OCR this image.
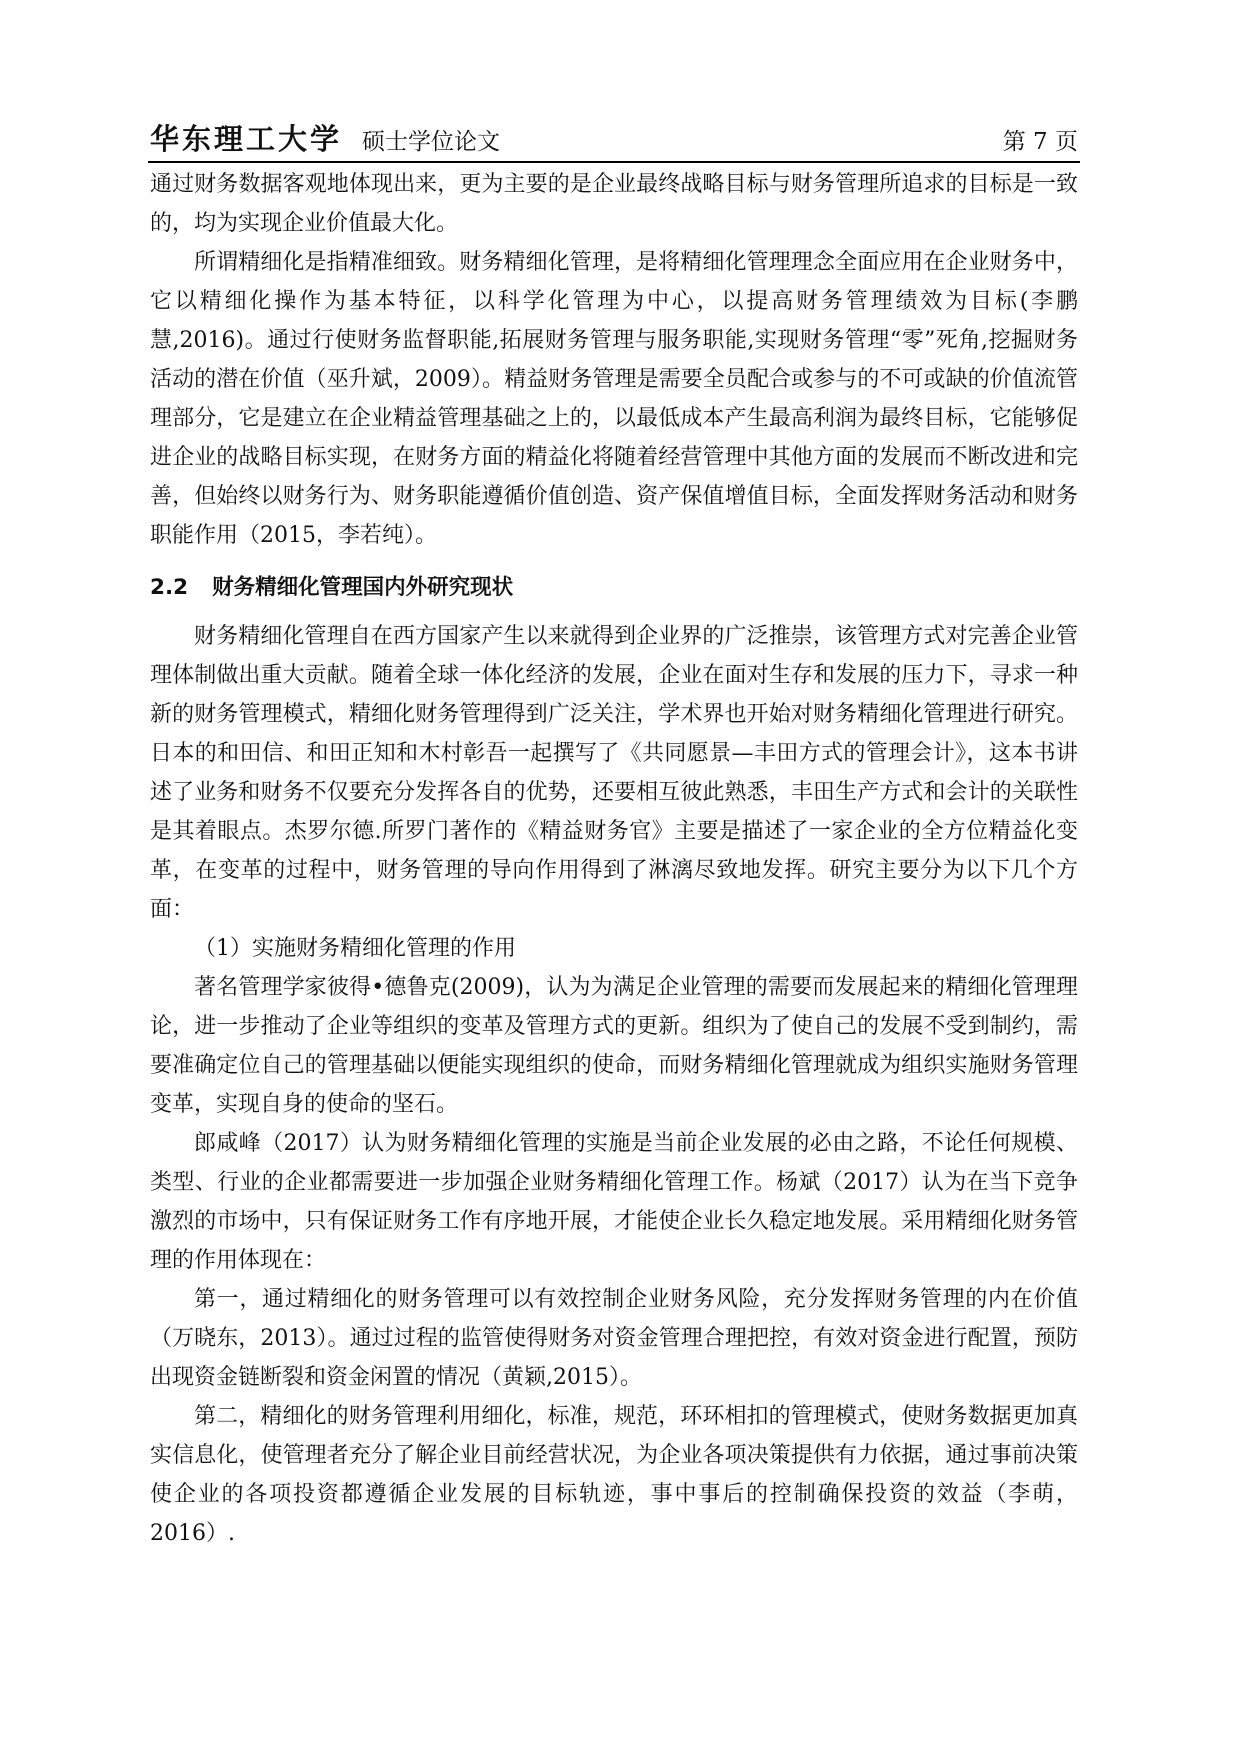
华东理工大学 硕士学位论文	第 7 页

通过财务数据客观地体现出来，更为主要的是企业最终战略目标与财务管理所追求的目标是一致的，均为实现企业价值最大化。

所谓精细化是指精准细致。财务精细化管理，是将精细化管理理念全面应用在企业财务中，它以精细化操作为基本特征，以科学化管理为中心，以提高财务管理绩效为目标(李鹏慧,2016)。通过行使财务监督职能,拓展财务管理与服务职能,实现财务管理“零”死角,挖掘财务活动的潜在价值（巫升斌，2009）。精益财务管理是需要全员配合或参与的不可或缺的价值流管理部分，它是建立在企业精益管理基础之上的，以最低成本产生最高利润为最终目标，它能够促进企业的战略目标实现，在财务方面的精益化将随着经营管理中其他方面的发展而不断改进和完善，但始终以财务行为、财务职能遵循价值创造、资产保值增值目标，全面发挥财务活动和财务职能作用（2015，李若纯）。

2.2 财务精细化管理国内外研究现状

财务精细化管理自在西方国家产生以来就得到企业界的广泛推崇，该管理方式对完善企业管理体制做出重大贡献。随着全球一体化经济的发展，企业在面对生存和发展的压力下，寻求一种新的财务管理模式，精细化财务管理得到广泛关注，学术界也开始对财务精细化管理进行研究。日本的和田信、和田正知和木村彰吾一起撰写了《共同愿景—丰田方式的管理会计》，这本书讲述了业务和财务不仅要充分发挥各自的优势，还要相互彼此熟悉，丰田生产方式和会计的关联性是其着眼点。杰罗尔德.所罗门著作的《精益财务官》主要是描述了一家企业的全方位精益化变革，在变革的过程中，财务管理的导向作用得到了淋漓尽致地发挥。研究主要分为以下几个方面：

（1）实施财务精细化管理的作用

著名管理学家彼得•德鲁克(2009)，认为为满足企业管理的需要而发展起来的精细化管理理论，进一步推动了企业等组织的变革及管理方式的更新。组织为了使自己的发展不受到制约，需要准确定位自己的管理基础以便能实现组织的使命，而财务精细化管理就成为组织实施财务管理变革，实现自身的使命的坚石。

郎咸峰（2017）认为财务精细化管理的实施是当前企业发展的必由之路，不论任何规模、类型、行业的企业都需要进一步加强企业财务精细化管理工作。杨斌（2017）认为在当下竞争激烈的市场中，只有保证财务工作有序地开展，才能使企业长久稳定地发展。采用精细化财务管理的作用体现在：

第一，通过精细化的财务管理可以有效控制企业财务风险，充分发挥财务管理的内在价值（万晓东，2013）。通过过程的监管使得财务对资金管理合理把控，有效对资金进行配置，预防出现资金链断裂和资金闲置的情况（黄颖,2015）。

第二，精细化的财务管理利用细化，标准，规范，环环相扣的管理模式，使财务数据更加真实信息化，使管理者充分了解企业目前经营状况，为企业各项决策提供有力依据，通过事前决策使企业的各项投资都遵循企业发展的目标轨迹，事中事后的控制确保投资的效益（李萌，2016）.
